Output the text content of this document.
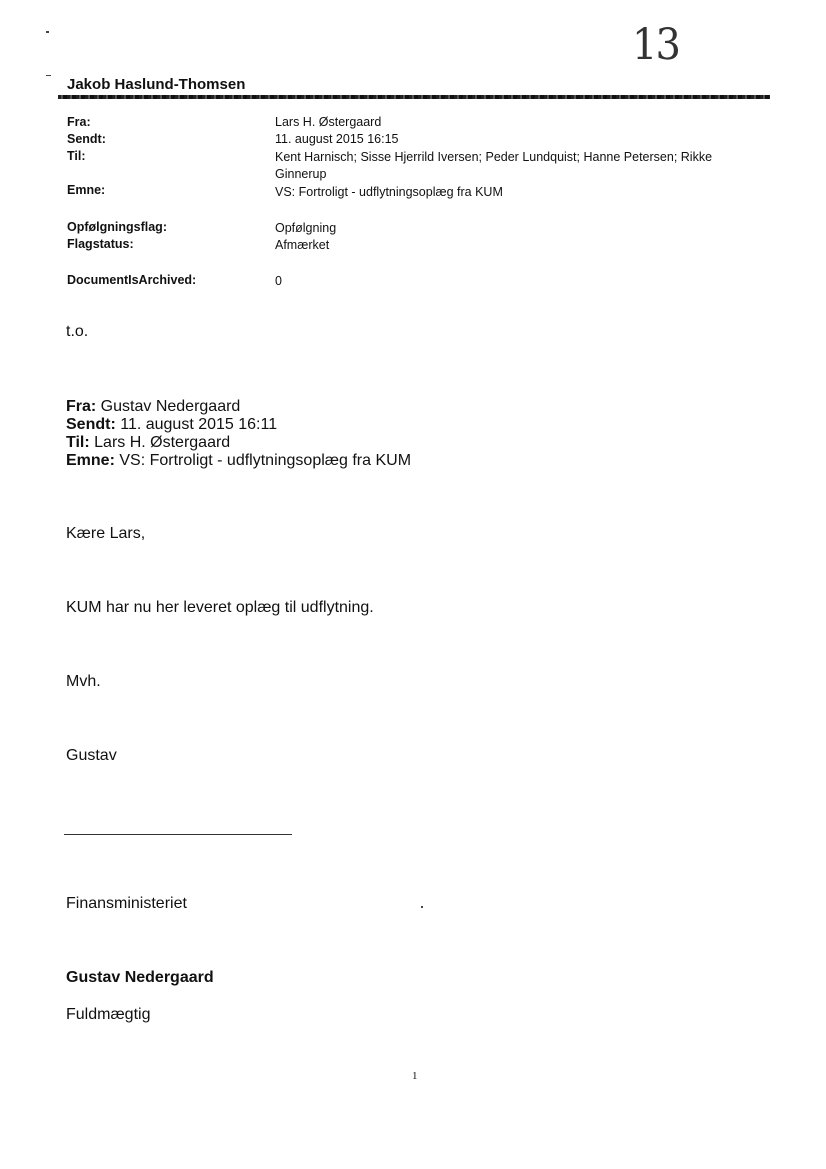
13
Jakob Haslund-Thomsen
Fra:	Lars H. Østergaard
Sendt:	11. august 2015 16:15
Til:	Kent Harnisch; Sisse Hjerrild Iversen; Peder Lundquist; Hanne Petersen; Rikke Ginnerup
Emne:	VS: Fortroligt - udflytningsoplæg fra KUM
Opfølgningsflag:	Opfølgning
Flagstatus:	Afmærket
DocumentIsArchived:	0
t.o.
Fra: Gustav Nedergaard
Sendt: 11. august 2015 16:11
Til: Lars H. Østergaard
Emne: VS: Fortroligt - udflytningsoplæg fra KUM
Kære Lars,
KUM har nu her leveret oplæg til udflytning.
Mvh.
Gustav
Finansministeriet
Gustav Nedergaard
Fuldmægtig
1
